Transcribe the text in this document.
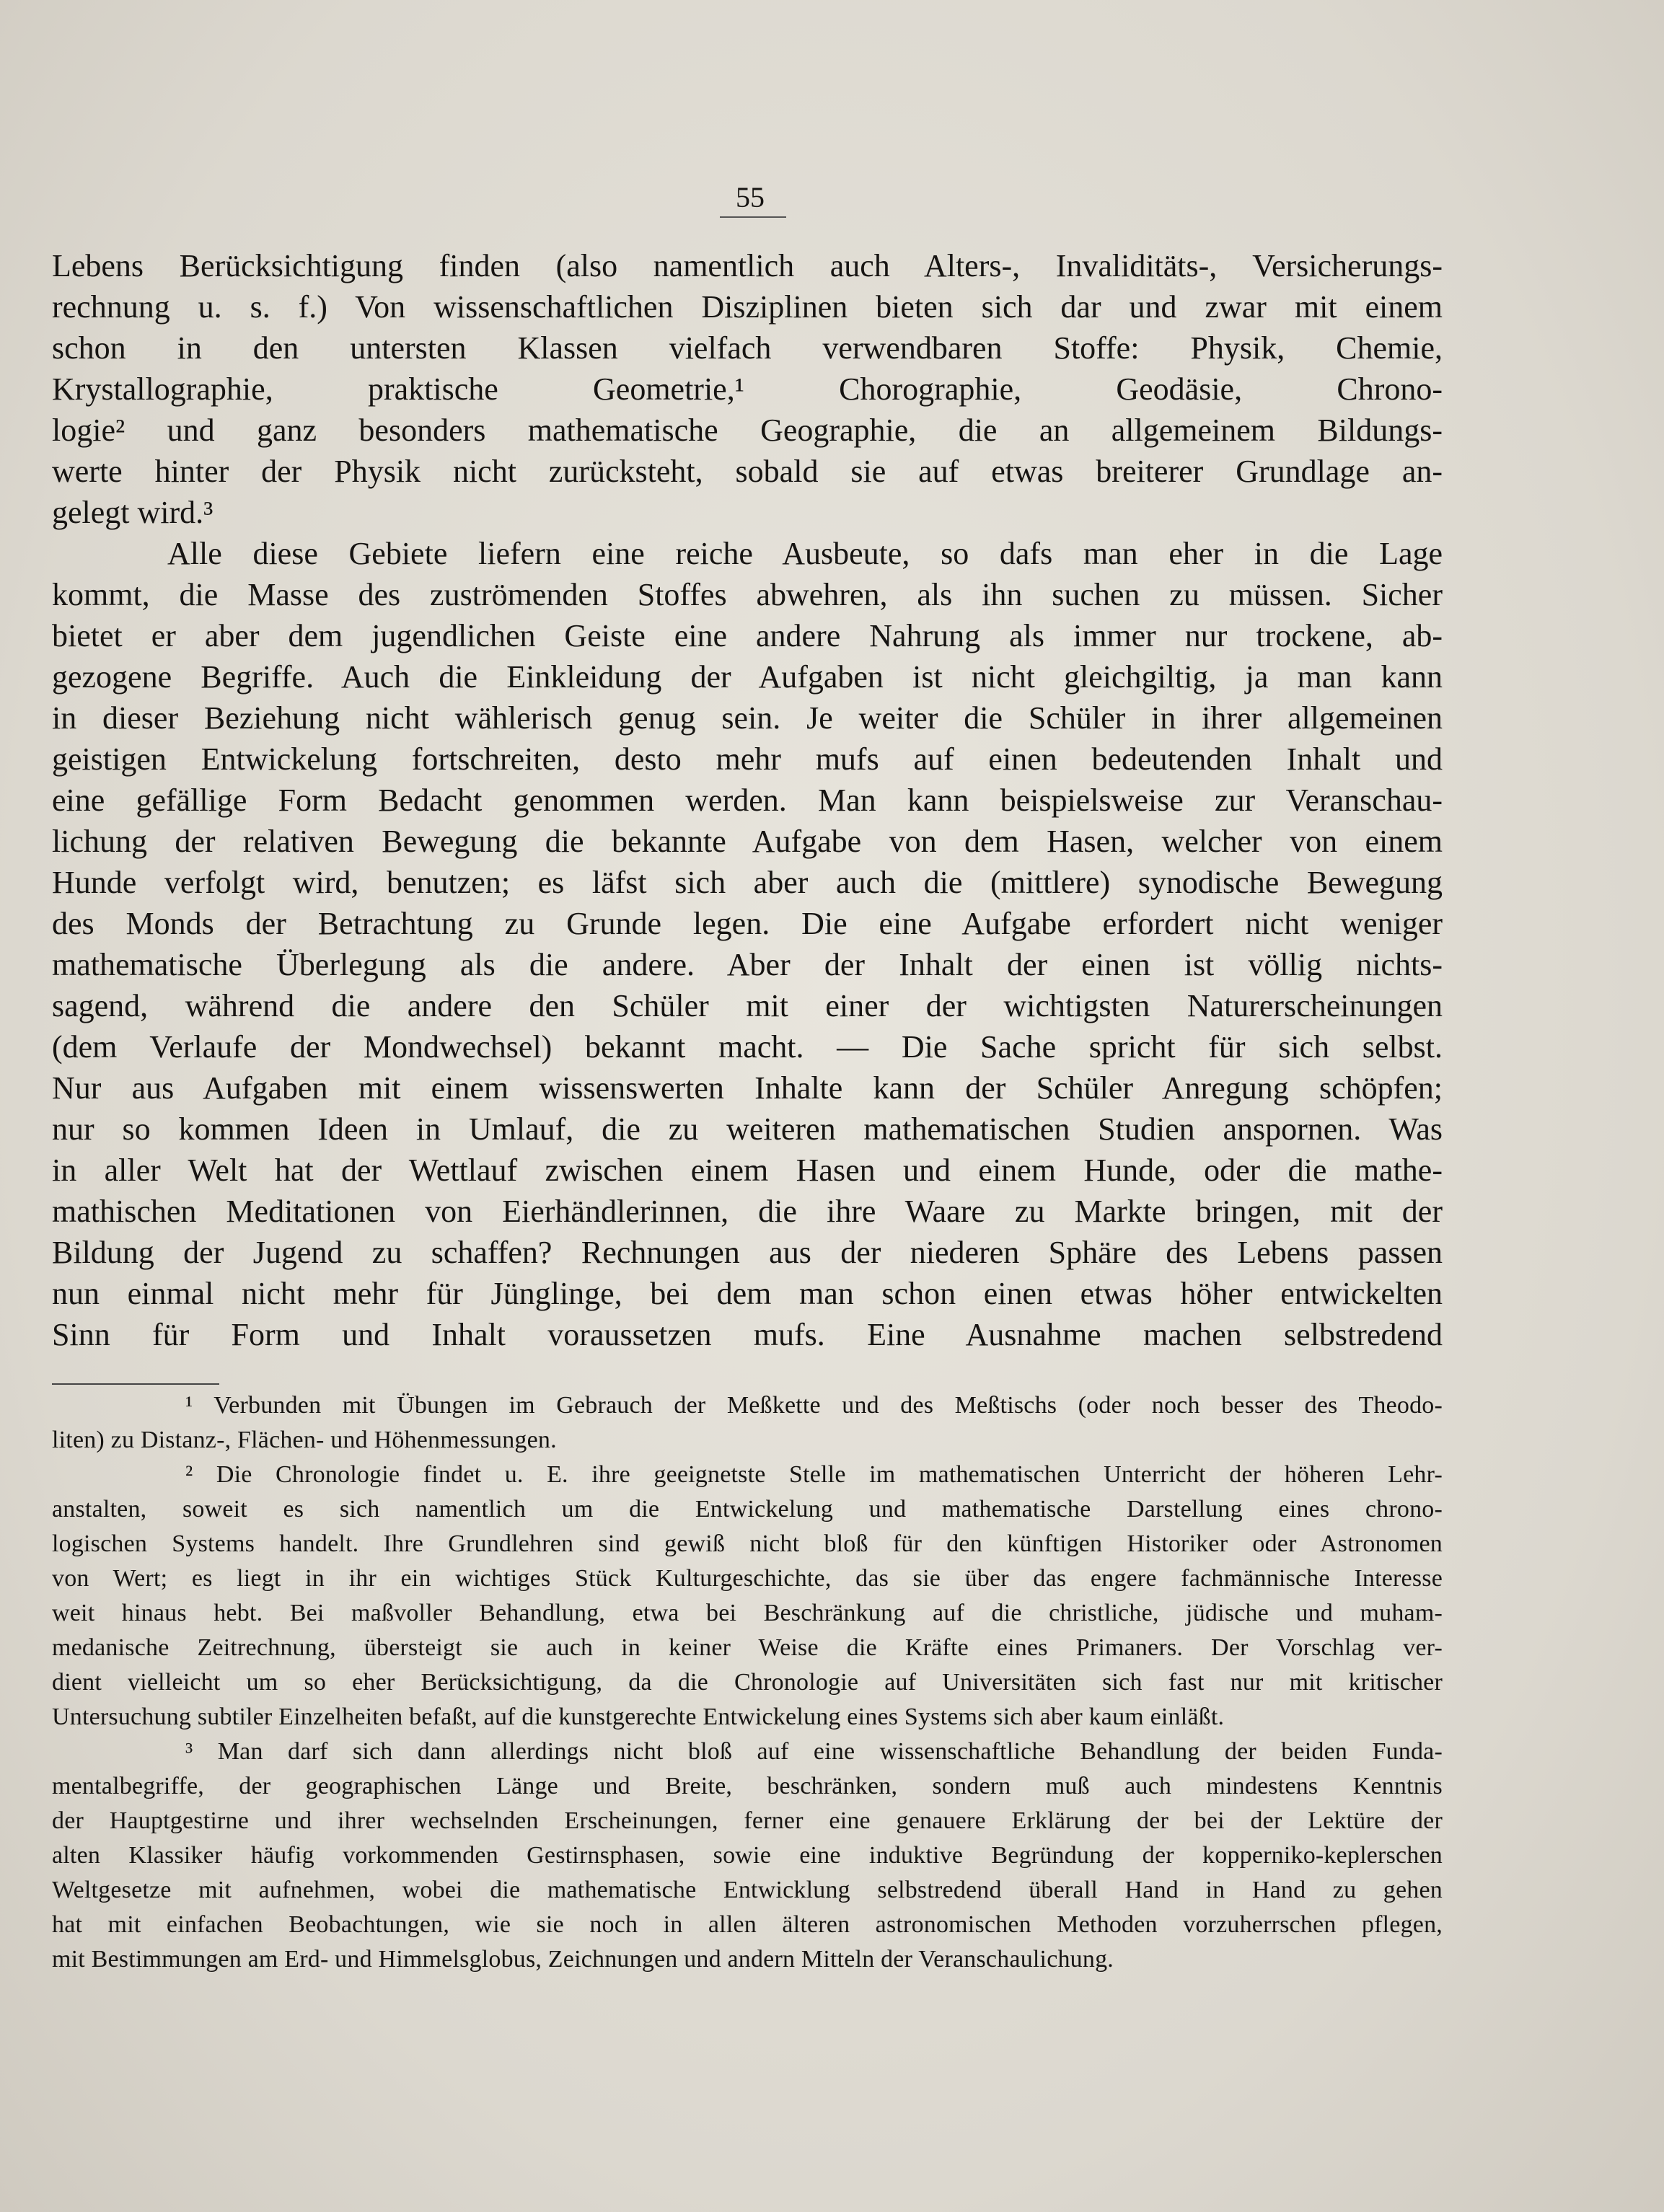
55
Lebens Berücksichtigung finden (also namentlich auch Alters-, Invaliditäts-, Versicherungs-
rechnung u. s. f.) Von wissenschaftlichen Disziplinen bieten sich dar und zwar mit einem
schon in den untersten Klassen vielfach verwendbaren Stoffe: Physik, Chemie,
Krystallographie, praktische Geometrie,¹ Chorographie, Geodäsie, Chrono-
logie² und ganz besonders mathematische Geographie, die an allgemeinem Bildungs-
werte hinter der Physik nicht zurücksteht, sobald sie auf etwas breiterer Grundlage an-
gelegt wird.³
Alle diese Gebiete liefern eine reiche Ausbeute, so dafs man eher in die Lage
kommt, die Masse des zuströmenden Stoffes abwehren, als ihn suchen zu müssen. Sicher
bietet er aber dem jugendlichen Geiste eine andere Nahrung als immer nur trockene, ab-
gezogene Begriffe. Auch die Einkleidung der Aufgaben ist nicht gleichgiltig, ja man kann
in dieser Beziehung nicht wählerisch genug sein. Je weiter die Schüler in ihrer allgemeinen
geistigen Entwickelung fortschreiten, desto mehr mufs auf einen bedeutenden Inhalt und
eine gefällige Form Bedacht genommen werden. Man kann beispielsweise zur Veranschau-
lichung der relativen Bewegung die bekannte Aufgabe von dem Hasen, welcher von einem
Hunde verfolgt wird, benutzen; es läfst sich aber auch die (mittlere) synodische Bewegung
des Monds der Betrachtung zu Grunde legen. Die eine Aufgabe erfordert nicht weniger
mathematische Überlegung als die andere. Aber der Inhalt der einen ist völlig nichts-
sagend, während die andere den Schüler mit einer der wichtigsten Naturerscheinungen
(dem Verlaufe der Mondwechsel) bekannt macht. — Die Sache spricht für sich selbst.
Nur aus Aufgaben mit einem wissenswerten Inhalte kann der Schüler Anregung schöpfen;
nur so kommen Ideen in Umlauf, die zu weiteren mathematischen Studien anspornen. Was
in aller Welt hat der Wettlauf zwischen einem Hasen und einem Hunde, oder die mathe-
mathischen Meditationen von Eierhändlerinnen, die ihre Waare zu Markte bringen, mit der
Bildung der Jugend zu schaffen? Rechnungen aus der niederen Sphäre des Lebens passen
nun einmal nicht mehr für Jünglinge, bei dem man schon einen etwas höher entwickelten
Sinn für Form und Inhalt voraussetzen mufs. Eine Ausnahme machen selbstredend
¹ Verbunden mit Übungen im Gebrauch der Meßkette und des Meßtischs (oder noch besser des Theodo-
liten) zu Distanz-, Flächen- und Höhenmessungen.
² Die Chronologie findet u. E. ihre geeignetste Stelle im mathematischen Unterricht der höheren Lehr-
anstalten, soweit es sich namentlich um die Entwickelung und mathematische Darstellung eines chrono-
logischen Systems handelt. Ihre Grundlehren sind gewiß nicht bloß für den künftigen Historiker oder Astronomen
von Wert; es liegt in ihr ein wichtiges Stück Kulturgeschichte, das sie über das engere fachmännische Interesse
weit hinaus hebt. Bei maßvoller Behandlung, etwa bei Beschränkung auf die christliche, jüdische und muham-
medanische Zeitrechnung, übersteigt sie auch in keiner Weise die Kräfte eines Primaners. Der Vorschlag ver-
dient vielleicht um so eher Berücksichtigung, da die Chronologie auf Universitäten sich fast nur mit kritischer
Untersuchung subtiler Einzelheiten befaßt, auf die kunstgerechte Entwickelung eines Systems sich aber kaum einläßt.
³ Man darf sich dann allerdings nicht bloß auf eine wissenschaftliche Behandlung der beiden Funda-
mentalbegriffe, der geographischen Länge und Breite, beschränken, sondern muß auch mindestens Kenntnis
der Hauptgestirne und ihrer wechselnden Erscheinungen, ferner eine genauere Erklärung der bei der Lektüre der
alten Klassiker häufig vorkommenden Gestirnsphasen, sowie eine induktive Begründung der kopperniko-keplerschen
Weltgesetze mit aufnehmen, wobei die mathematische Entwicklung selbstredend überall Hand in Hand zu gehen
hat mit einfachen Beobachtungen, wie sie noch in allen älteren astronomischen Methoden vorzuherrschen pflegen,
mit Bestimmungen am Erd- und Himmelsglobus, Zeichnungen und andern Mitteln der Veranschaulichung.
